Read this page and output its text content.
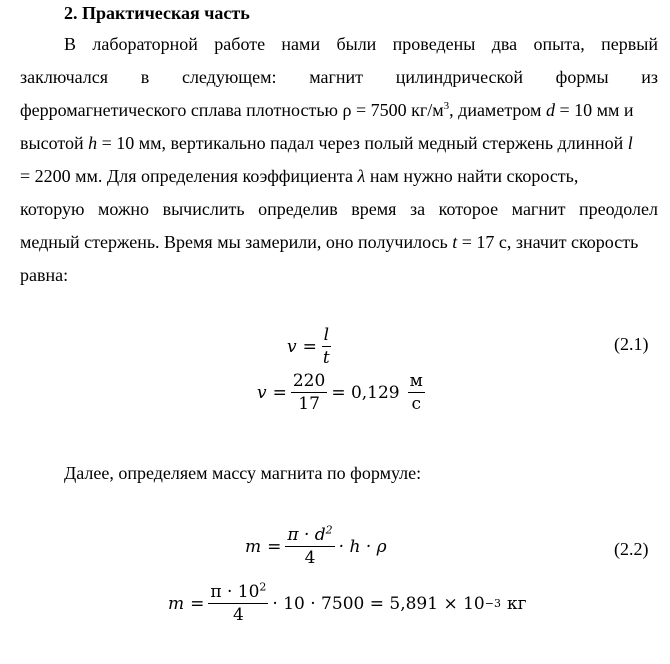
2. Практическая часть
В лабораторной работе нами были проведены два опыта, первый
заключался в следующем: магнит цилиндрической формы из
ферромагнетического сплава плотностью ρ = 7500 $кг/м^3$, диаметром d = 10 мм и
высотой h = 10 мм, вертикально падал через полый медный стержень длинной l
= 2200 мм. Для определения коэффициента λ нам нужно найти скорость,
которую можно вычислить определив время за которое магнит преодолел
медный стержень. Время мы замерили, оно получилось t = 17 с, значит скорость
равна:
$v = \frac{l}{t}$	(2.1)
$v = \frac{220}{17} = 0,129 \frac{м}{с}$
Далее, определяем массу магнита по формуле:
$m = \frac{\pi \cdot d^2}{4} \cdot h \cdot \rho$	(2.2)
$m = \frac{\pi \cdot 10^2}{4} \cdot 10 \cdot 7500 = 5,891 \times 10 -3$ кг
